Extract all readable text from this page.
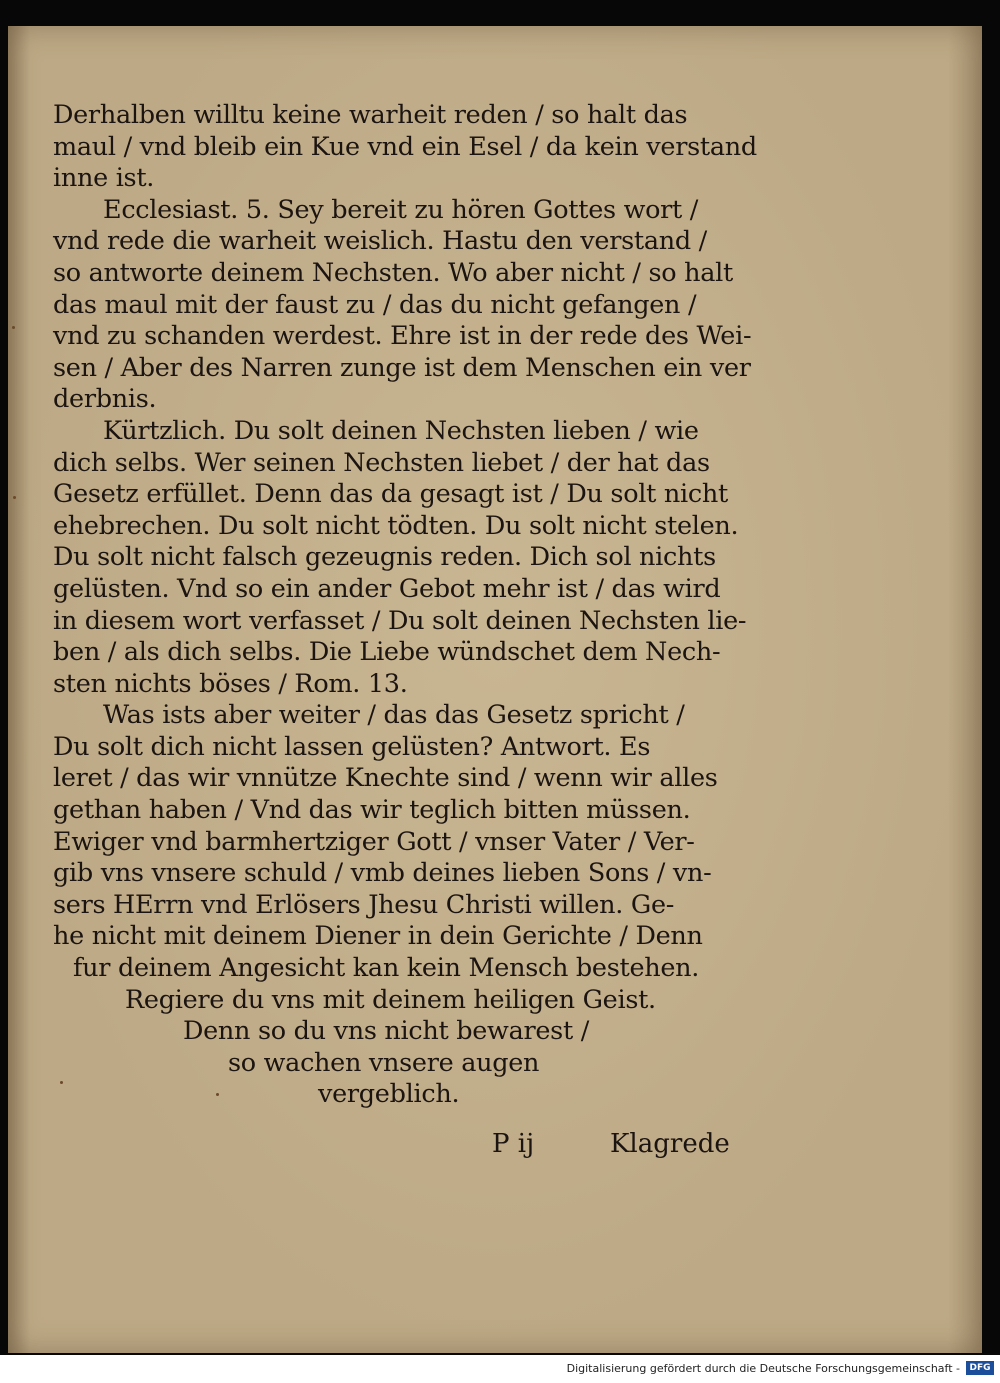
Derhalben willtu keine warheit reden / so halt das
maul / vnd bleib ein Kue vnd ein Esel / da kein verstand
inne ist.
Ecclesiast. 5. Sey bereit zu hören Gottes wort /
vnd rede die warheit weislich. Hastu den verstand /
so antworte deinem Nechsten. Wo aber nicht / so halt
das maul mit der faust zu / das du nicht gefangen /
vnd zu schanden werdest. Ehre ist in der rede des Wei-
sen / Aber des Narren zunge ist dem Menschen ein ver
derbnis.
Kürtzlich. Du solt deinen Nechsten lieben / wie
dich selbs. Wer seinen Nechsten liebet / der hat das
Gesetz erfüllet. Denn das da gesagt ist / Du solt nicht
ehebrechen. Du solt nicht tödten. Du solt nicht stelen.
Du solt nicht falsch gezeugnis reden. Dich sol nichts
gelüsten. Vnd so ein ander Gebot mehr ist / das wird
in diesem wort verfasset / Du solt deinen Nechsten lie-
ben / als dich selbs. Die Liebe wündschet dem Nech-
sten nichts böses / Rom. 13.
Was ists aber weiter / das das Gesetz spricht /
Du solt dich nicht lassen gelüsten? Antwort. Es
leret / das wir vnnütze Knechte sind / wenn wir alles
gethan haben / Vnd das wir teglich bitten müssen.
Ewiger vnd barmhertziger Gott / vnser Vater / Ver-
gib vns vnsere schuld / vmb deines lieben Sons / vn-
sers HErrn vnd Erlösers Jhesu Christi willen. Ge-
he nicht mit deinem Diener in dein Gerichte / Denn
fur deinem Angesicht kan kein Mensch bestehen.
Regiere du vns mit deinem heiligen Geist.
Denn so du vns nicht bewarest /
so wachen vnsere augen
vergeblich.
P ij	Klagrede
Digitalisierung gefördert durch die Deutsche Forschungsgemeinschaft -	DFG
